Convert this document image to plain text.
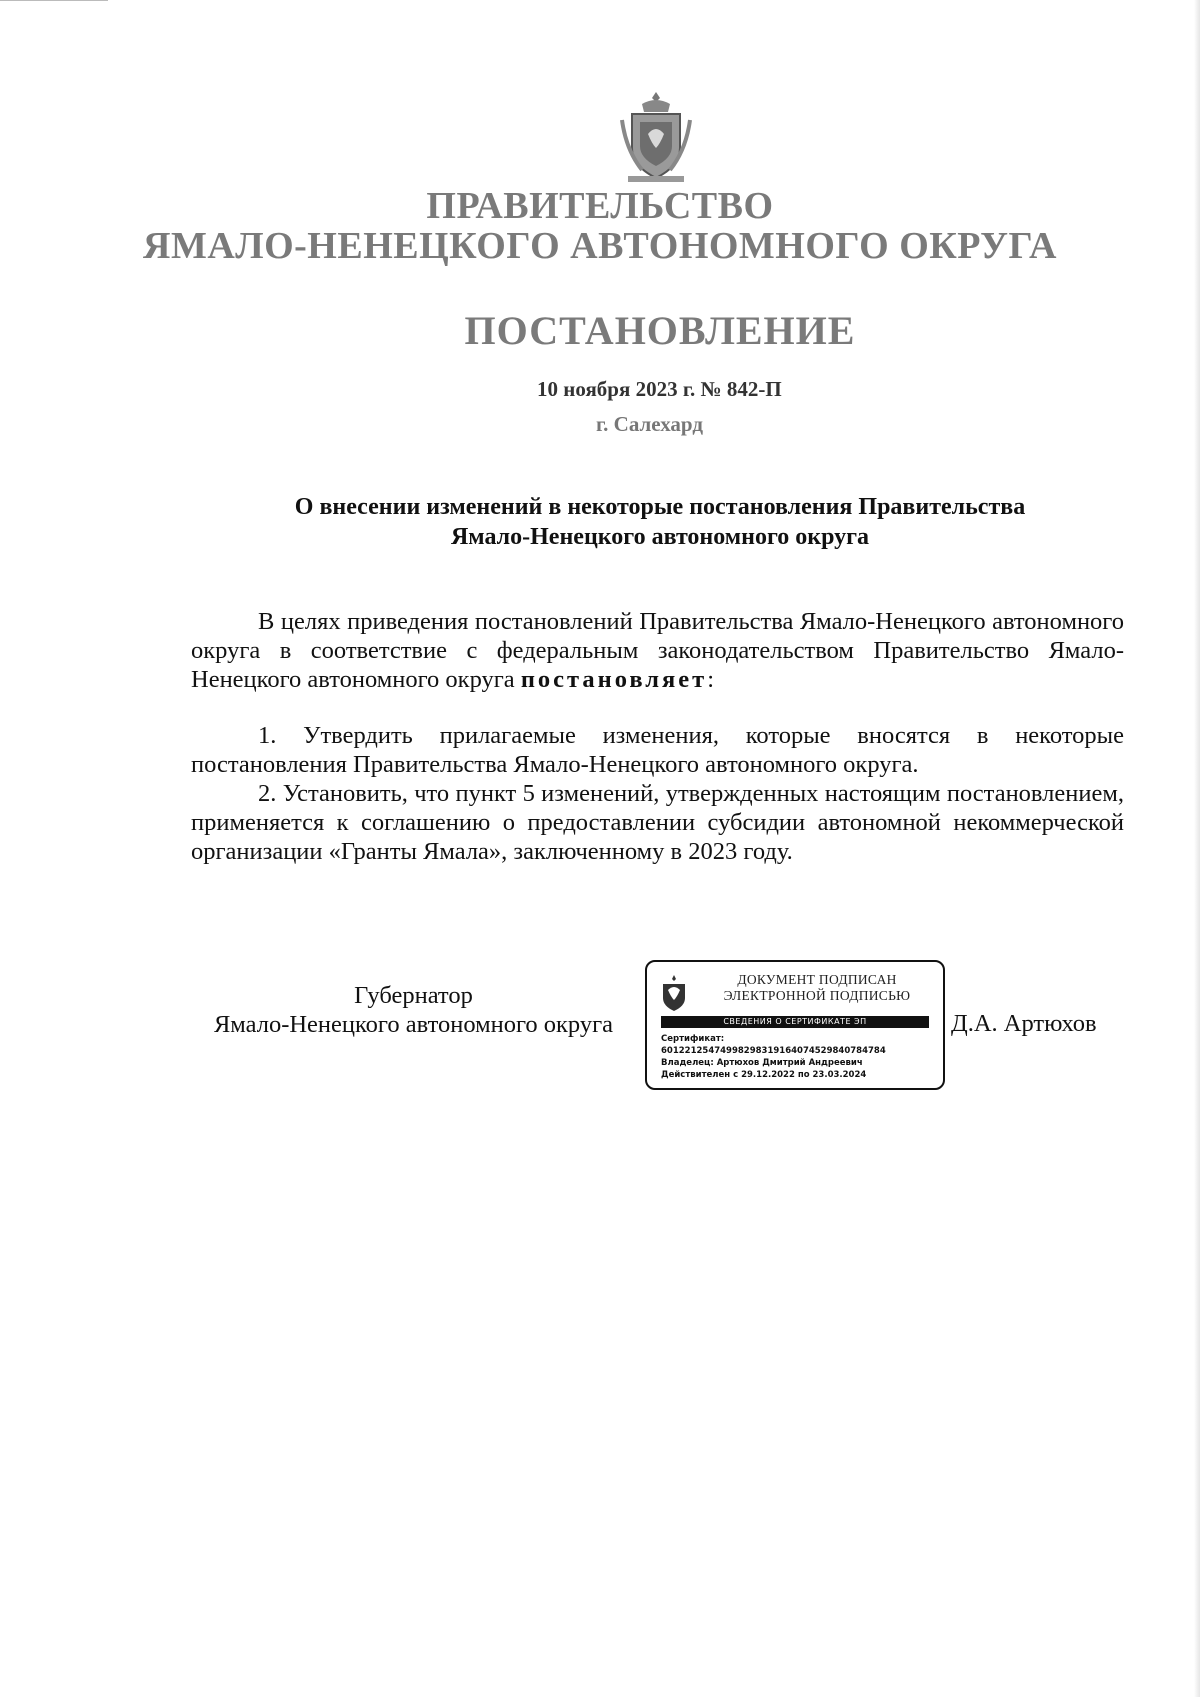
ПРАВИТЕЛЬСТВО
ЯМАЛО-НЕНЕЦКОГО АВТОНОМНОГО ОКРУГА
ПОСТАНОВЛЕНИЕ
10 ноября 2023 г. № 842-П
г. Салехард
О внесении изменений в некоторые постановления Правительства
Ямало-Ненецкого автономного округа
В целях приведения постановлений Правительства Ямало-Ненецкого автономного округа в соответствие с федеральным законодательством Правительство Ямало-Ненецкого автономного округа постановляет:
1. Утвердить прилагаемые изменения, которые вносятся в некоторые постановления Правительства Ямало-Ненецкого автономного округа.
2. Установить, что пункт 5 изменений, утвержденных настоящим постановлением, применяется к соглашению о предоставлении субсидии автономной некоммерческой организации «Гранты Ямала», заключенному в 2023 году.
Губернатор
Ямало-Ненецкого автономного округа
ДОКУМЕНТ ПОДПИСАН
ЭЛЕКТРОННОЙ ПОДПИСЬЮ
СВЕДЕНИЯ О СЕРТИФИКАТЕ ЭП
Сертификат:
601221254749982983191640745298407847​84
Владелец: Артюхов Дмитрий Андреевич
Действителен с 29.12.2022 по 23.03.2024
Д.А. Артюхов
